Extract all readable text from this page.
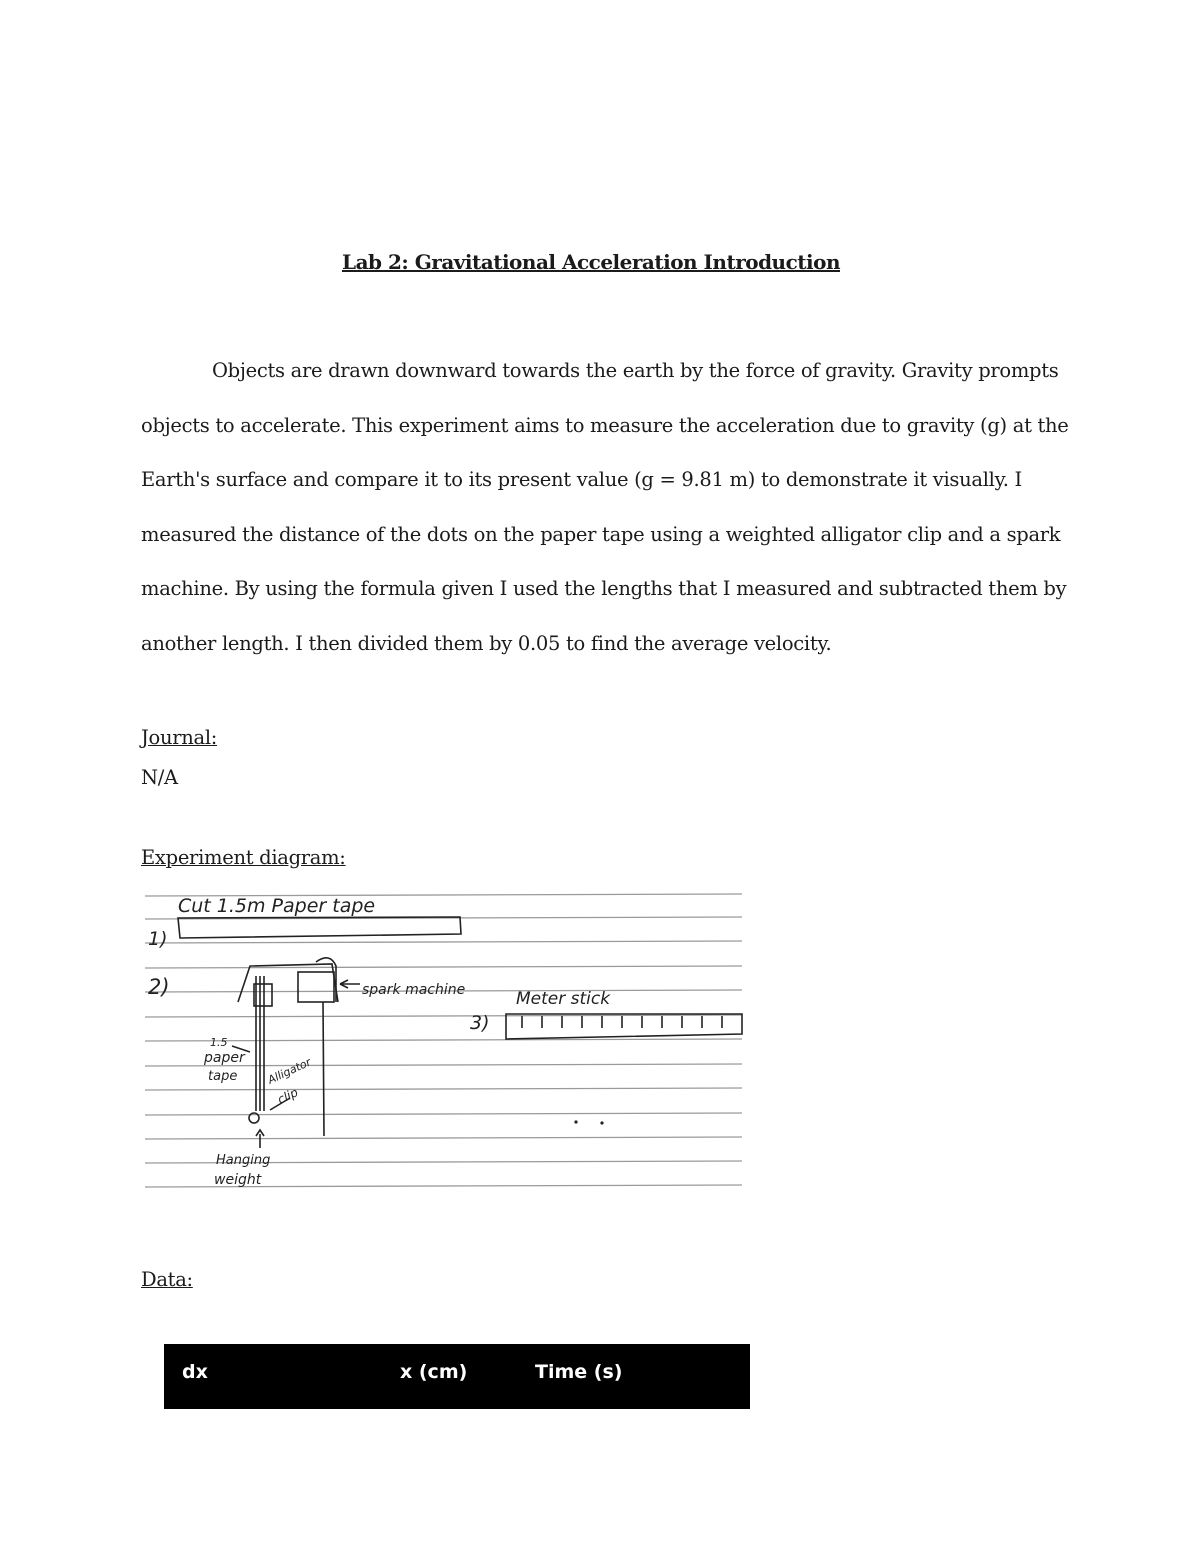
Lab 2: Gravitational Acceleration Introduction
Objects are drawn downward towards the earth by the force of gravity. Gravity prompts
objects to accelerate. This experiment aims to measure the acceleration due to gravity (g) at the
Earth's surface and compare it to its present value (g = 9.81 m) to demonstrate it visually. I
measured the distance of the dots on the paper tape using a weighted alligator clip and a spark
machine. By using the formula given I used the lengths that I measured and subtracted them by
another length. I then divided them by 0.05 to find the average velocity.
Journal:
N/A
Experiment diagram:
Cut 1.5m Paper tape
1)
2)
3)
spark machine	Meter stick
1.5
paper
tape	Alligator
clip
Hanging
weight
Data:
dx	x (cm)	Time (s)
